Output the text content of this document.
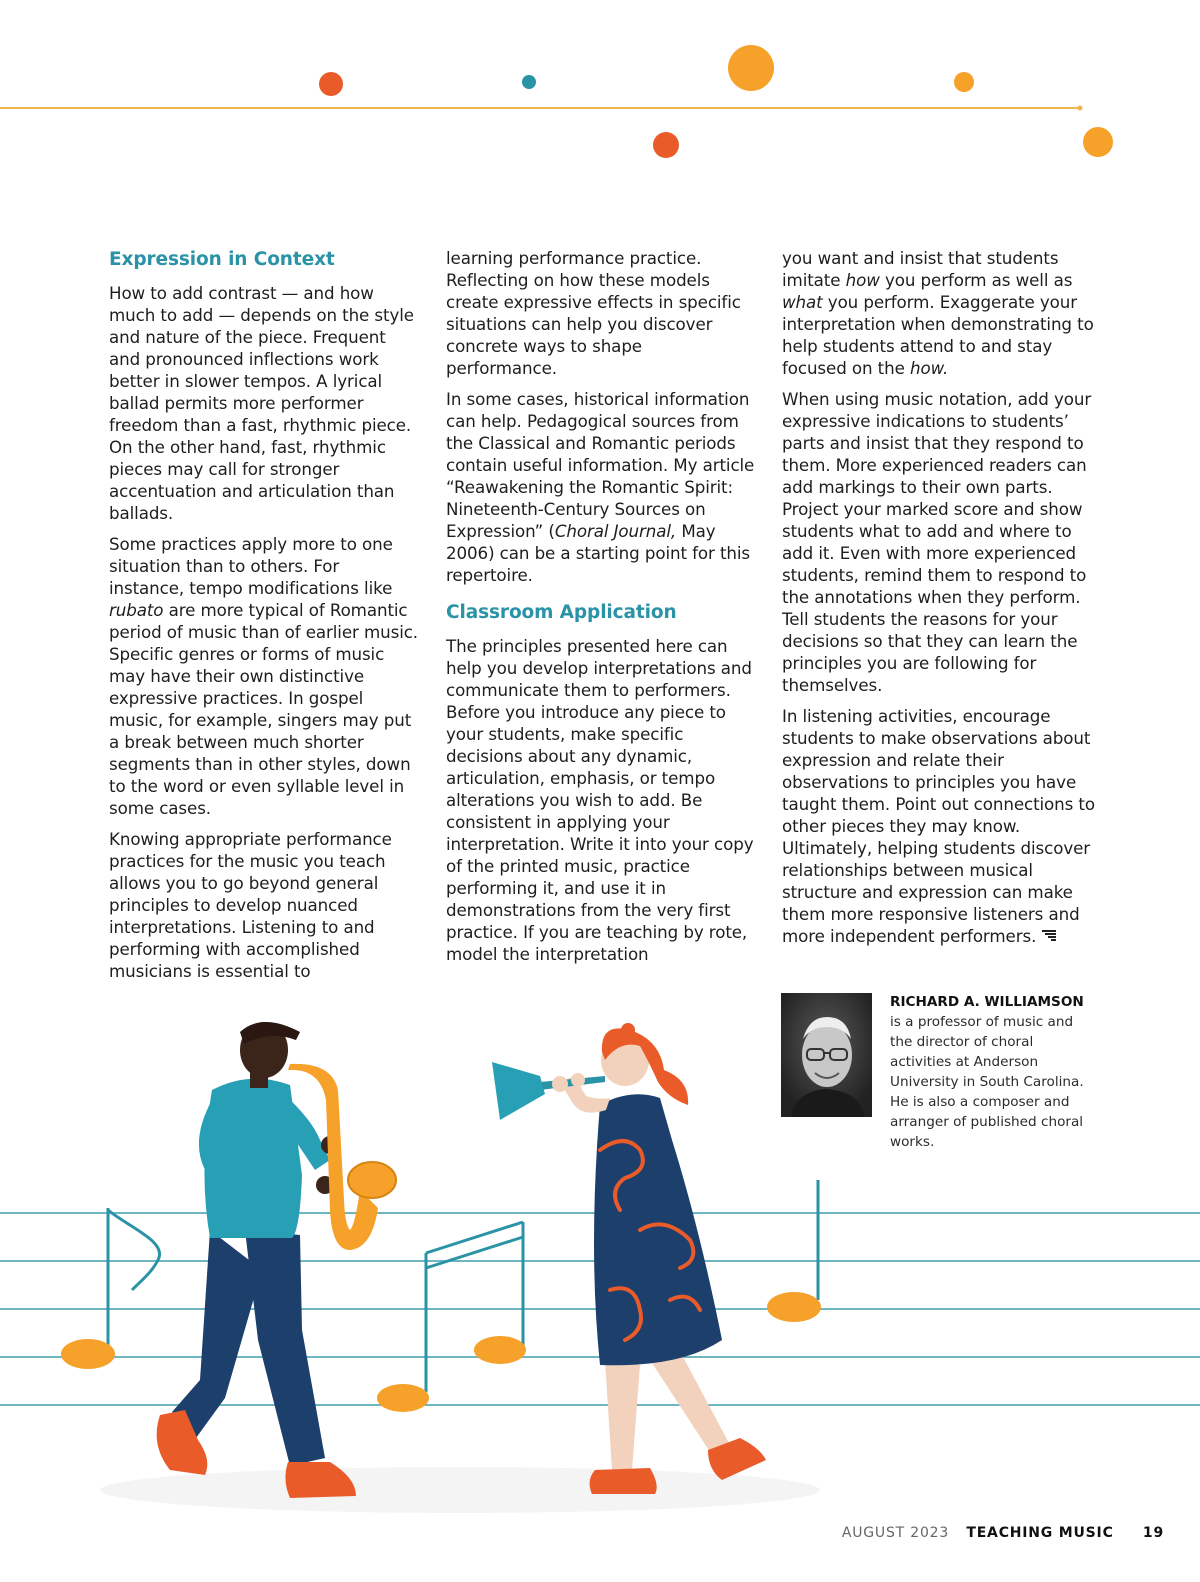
Expression in Context

How to add contrast — and how much to add — depends on the style and nature of the piece. Frequent and pronounced inflections work better in slower tempos. A lyrical ballad permits more performer freedom than a fast, rhythmic piece. On the other hand, fast, rhythmic pieces may call for stronger accentuation and articulation than ballads.

Some practices apply more to one situation than to others. For instance, tempo modifications like rubato are more typical of Romantic period of music than of earlier music. Specific genres or forms of music may have their own distinctive expressive practices. In gospel music, for example, singers may put a break between much shorter segments than in other styles, down to the word or even syllable level in some cases.

Knowing appropriate performance practices for the music you teach allows you to go beyond general principles to develop nuanced interpretations. Listening to and performing with accomplished musicians is essential to

learning performance practice. Reflecting on how these models create expressive effects in specific situations can help you discover concrete ways to shape performance.

In some cases, historical information can help. Pedagogical sources from the Classical and Romantic periods contain useful information. My article “Reawakening the Romantic Spirit: Nineteenth-Century Sources on Expression” (Choral Journal, May 2006) can be a starting point for this repertoire.

Classroom Application

The principles presented here can help you develop interpretations and communicate them to performers. Before you introduce any piece to your students, make specific decisions about any dynamic, articulation, emphasis, or tempo alterations you wish to add. Be consistent in applying your interpretation. Write it into your copy of the printed music, practice performing it, and use it in demonstrations from the very first practice. If you are teaching by rote, model the interpretation

you want and insist that students imitate how you perform as well as what you perform. Exaggerate your interpretation when demonstrating to help students attend to and stay focused on the how.

When using music notation, add your expressive indications to students’ parts and insist that they respond to them. More experienced readers can add markings to their own parts. Project your marked score and show students what to add and where to add it. Even with more experienced students, remind them to respond to the annotations when they perform. Tell students the reasons for your decisions so that they can learn the principles you are following for themselves.

In listening activities, encourage students to make observations about expression and relate their observations to principles you have taught them. Point out connections to other pieces they may know. Ultimately, helping students discover relationships between musical structure and expression can make them more responsive listeners and more independent performers.

RICHARD A. WILLIAMSON is a professor of music and the director of choral activities at Anderson University in South Carolina. He is also a composer and arranger of published choral works.

AUGUST 2023 TEACHING MUSIC 19
